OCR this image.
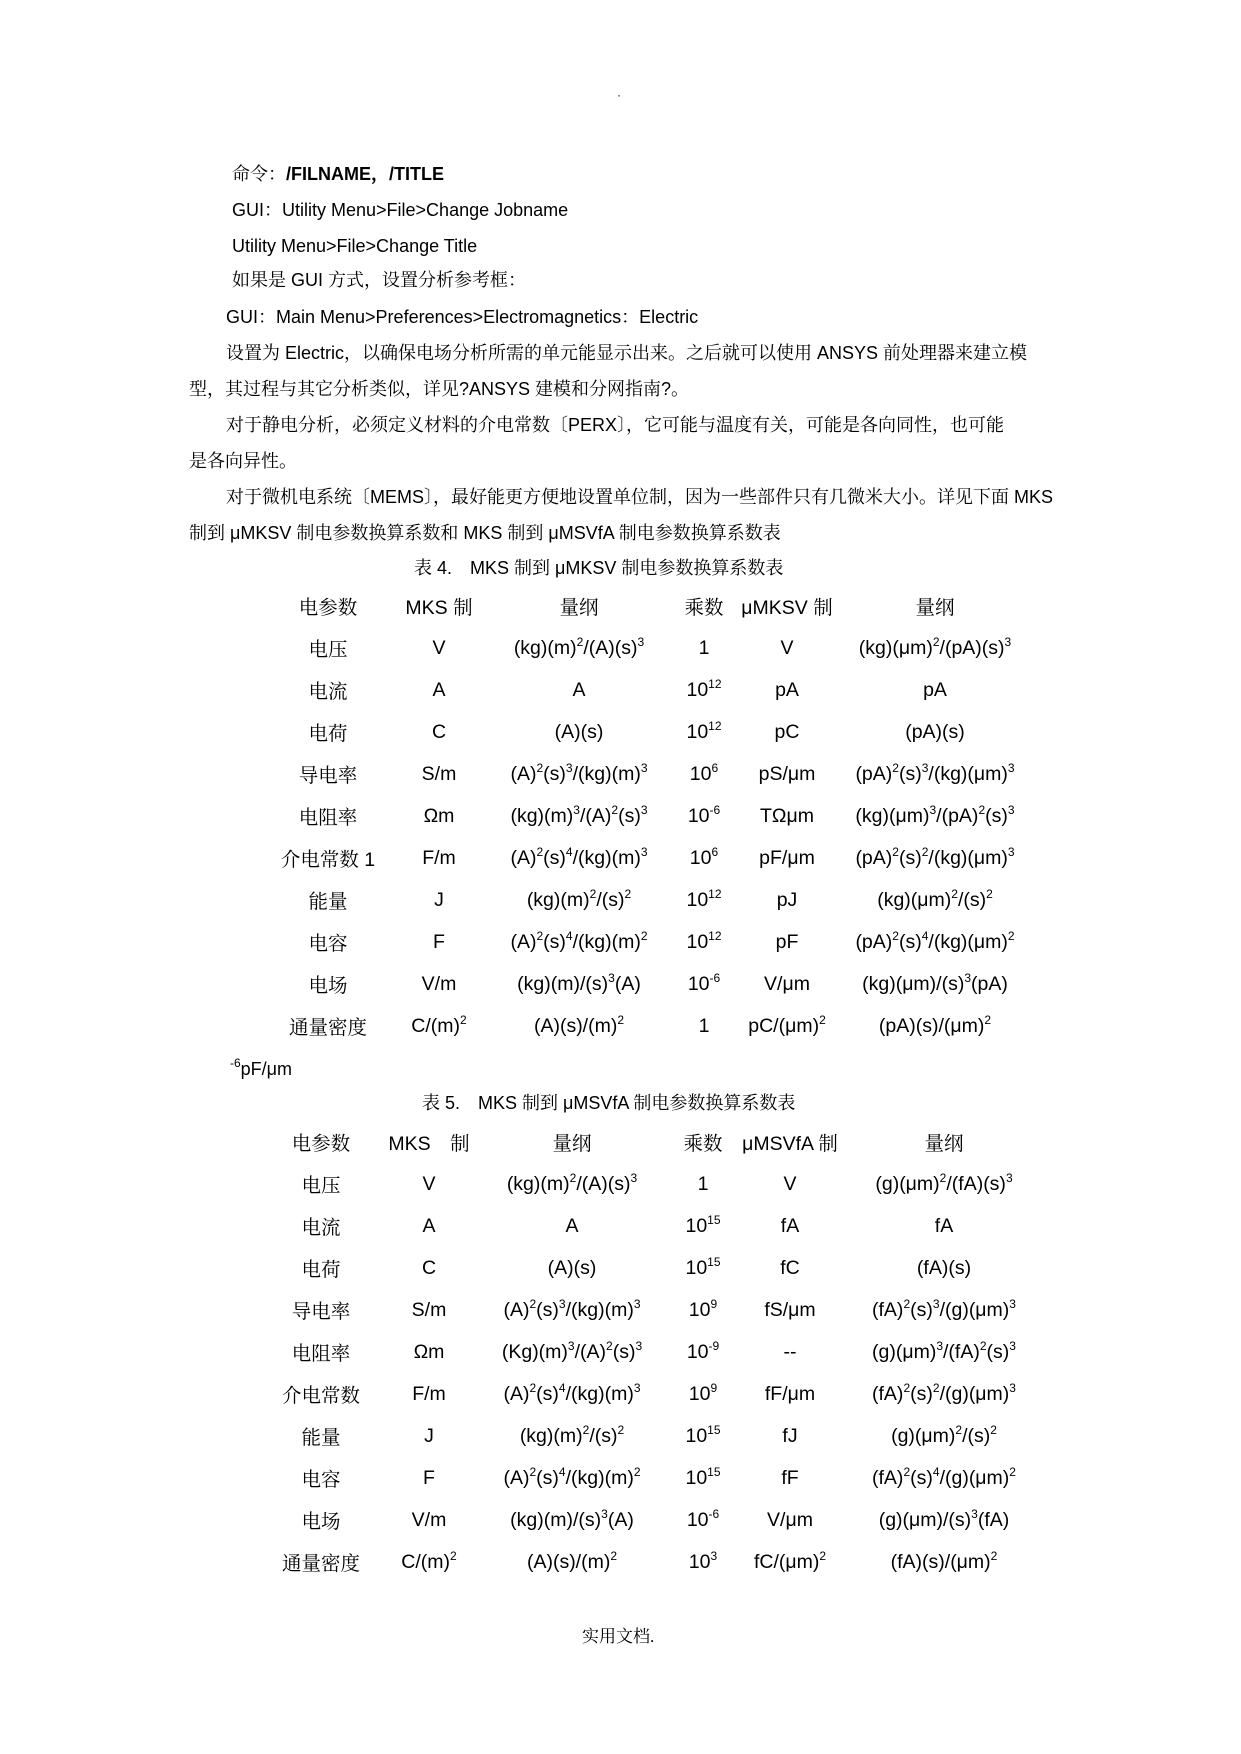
·
命令：/FILNAME，/TITLE
GUI：Utility Menu>File>Change Jobname
Utility Menu>File>Change Title
如果是 GUI 方式，设置分析参考框：
GUI：Main Menu>Preferences>Electromagnetics：Electric
设置为 Electric，以确保电场分析所需的单元能显示出来。之后就可以使用 ANSYS 前处理器来建立模
型，其过程与其它分析类似，详见?ANSYS 建模和分网指南?。
对于静电分析，必须定义材料的介电常数〔PERX〕，它可能与温度有关，可能是各向同性，也可能
是各向异性。
对于微机电系统〔MEMS〕，最好能更方便地设置单位制，因为一些部件只有几微米大小。详见下面 MKS
制到 μMKSV 制电参数换算系数和 MKS 制到 μMSVfA 制电参数换算系数表
表 4.　MKS 制到 μMKSV 制电参数换算系数表
电参数	MKS 制	量纲	乘数	μMKSV 制	量纲
电压	V	$(kg)(m)^2/(A)(s)^3$	1	V	$(kg)(\mu m)^2/(pA)(s)^3$
电流	A	A	$10^{12}$	pA	pA
电荷	C	(A)(s)	$10^{12}$	pC	(pA)(s)
导电率	S/m	$(A)^2(s)^3/(kg)(m)^3$	$10^6$	pS/μm	$(pA)^2(s)^3/(kg)(\mu m)^3$
电阻率	Ωm	$(kg)(m)^3/(A)^2(s)^3$	$10^{-6}$	TΩμm	$(kg)(\mu m)^3/(pA)^2(s)^3$
介电常数 1	F/m	$(A)^2(s)^4/(kg)(m)^3$	$10^6$	pF/μm	$(pA)^2(s)^2/(kg)(\mu m)^3$
能量	J	$(kg)(m)^2/(s)^2$	$10^{12}$	pJ	$(kg)(\mu m)^2/(s)^2$
电容	F	$(A)^2(s)^4/(kg)(m)^2$	$10^{12}$	pF	$(pA)^2(s)^4/(kg)(\mu m)^2$
电场	V/m	$(kg)(m)/(s)^3(A)$	$10^{-6}$	V/μm	$(kg)(\mu m)/(s)^3(pA)$
通量密度	$C/(m)^2$	$(A)(s)/(m)^2$	1	$pC/(\mu m)^2$	$(pA)(s)/(\mu m)^2$
$^{-6}$pF/μm
表 5.　MKS 制到 μMSVfA 制电参数换算系数表
电参数	MKS　制	量纲	乘数	μMSVfA 制	量纲
电压	V	$(kg)(m)^2/(A)(s)^3$	1	V	$(g)(\mu m)^2/(fA)(s)^3$
电流	A	A	$10^{15}$	fA	fA
电荷	C	(A)(s)	$10^{15}$	fC	(fA)(s)
导电率	S/m	$(A)^2(s)^3/(kg)(m)^3$	$10^9$	fS/μm	$(fA)^2(s)^3/(g)(\mu m)^3$
电阻率	Ωm	$(Kg)(m)^3/(A)^2(s)^3$	$10^{-9}$	--	$(g)(\mu m)^3/(fA)^2(s)^3$
介电常数	F/m	$(A)^2(s)^4/(kg)(m)^3$	$10^9$	fF/μm	$(fA)^2(s)^2/(g)(\mu m)^3$
能量	J	$(kg)(m)^2/(s)^2$	$10^{15}$	fJ	$(g)(\mu m)^2/(s)^2$
电容	F	$(A)^2(s)^4/(kg)(m)^2$	$10^{15}$	fF	$(fA)^2(s)^4/(g)(\mu m)^2$
电场	V/m	$(kg)(m)/(s)^3(A)$	$10^{-6}$	V/μm	$(g)(\mu m)/(s)^3(fA)$
通量密度	$C/(m)^2$	$(A)(s)/(m)^2$	$10^3$	$fC/(\mu m)^2$	$(fA)(s)/(\mu m)^2$
实用文档.
